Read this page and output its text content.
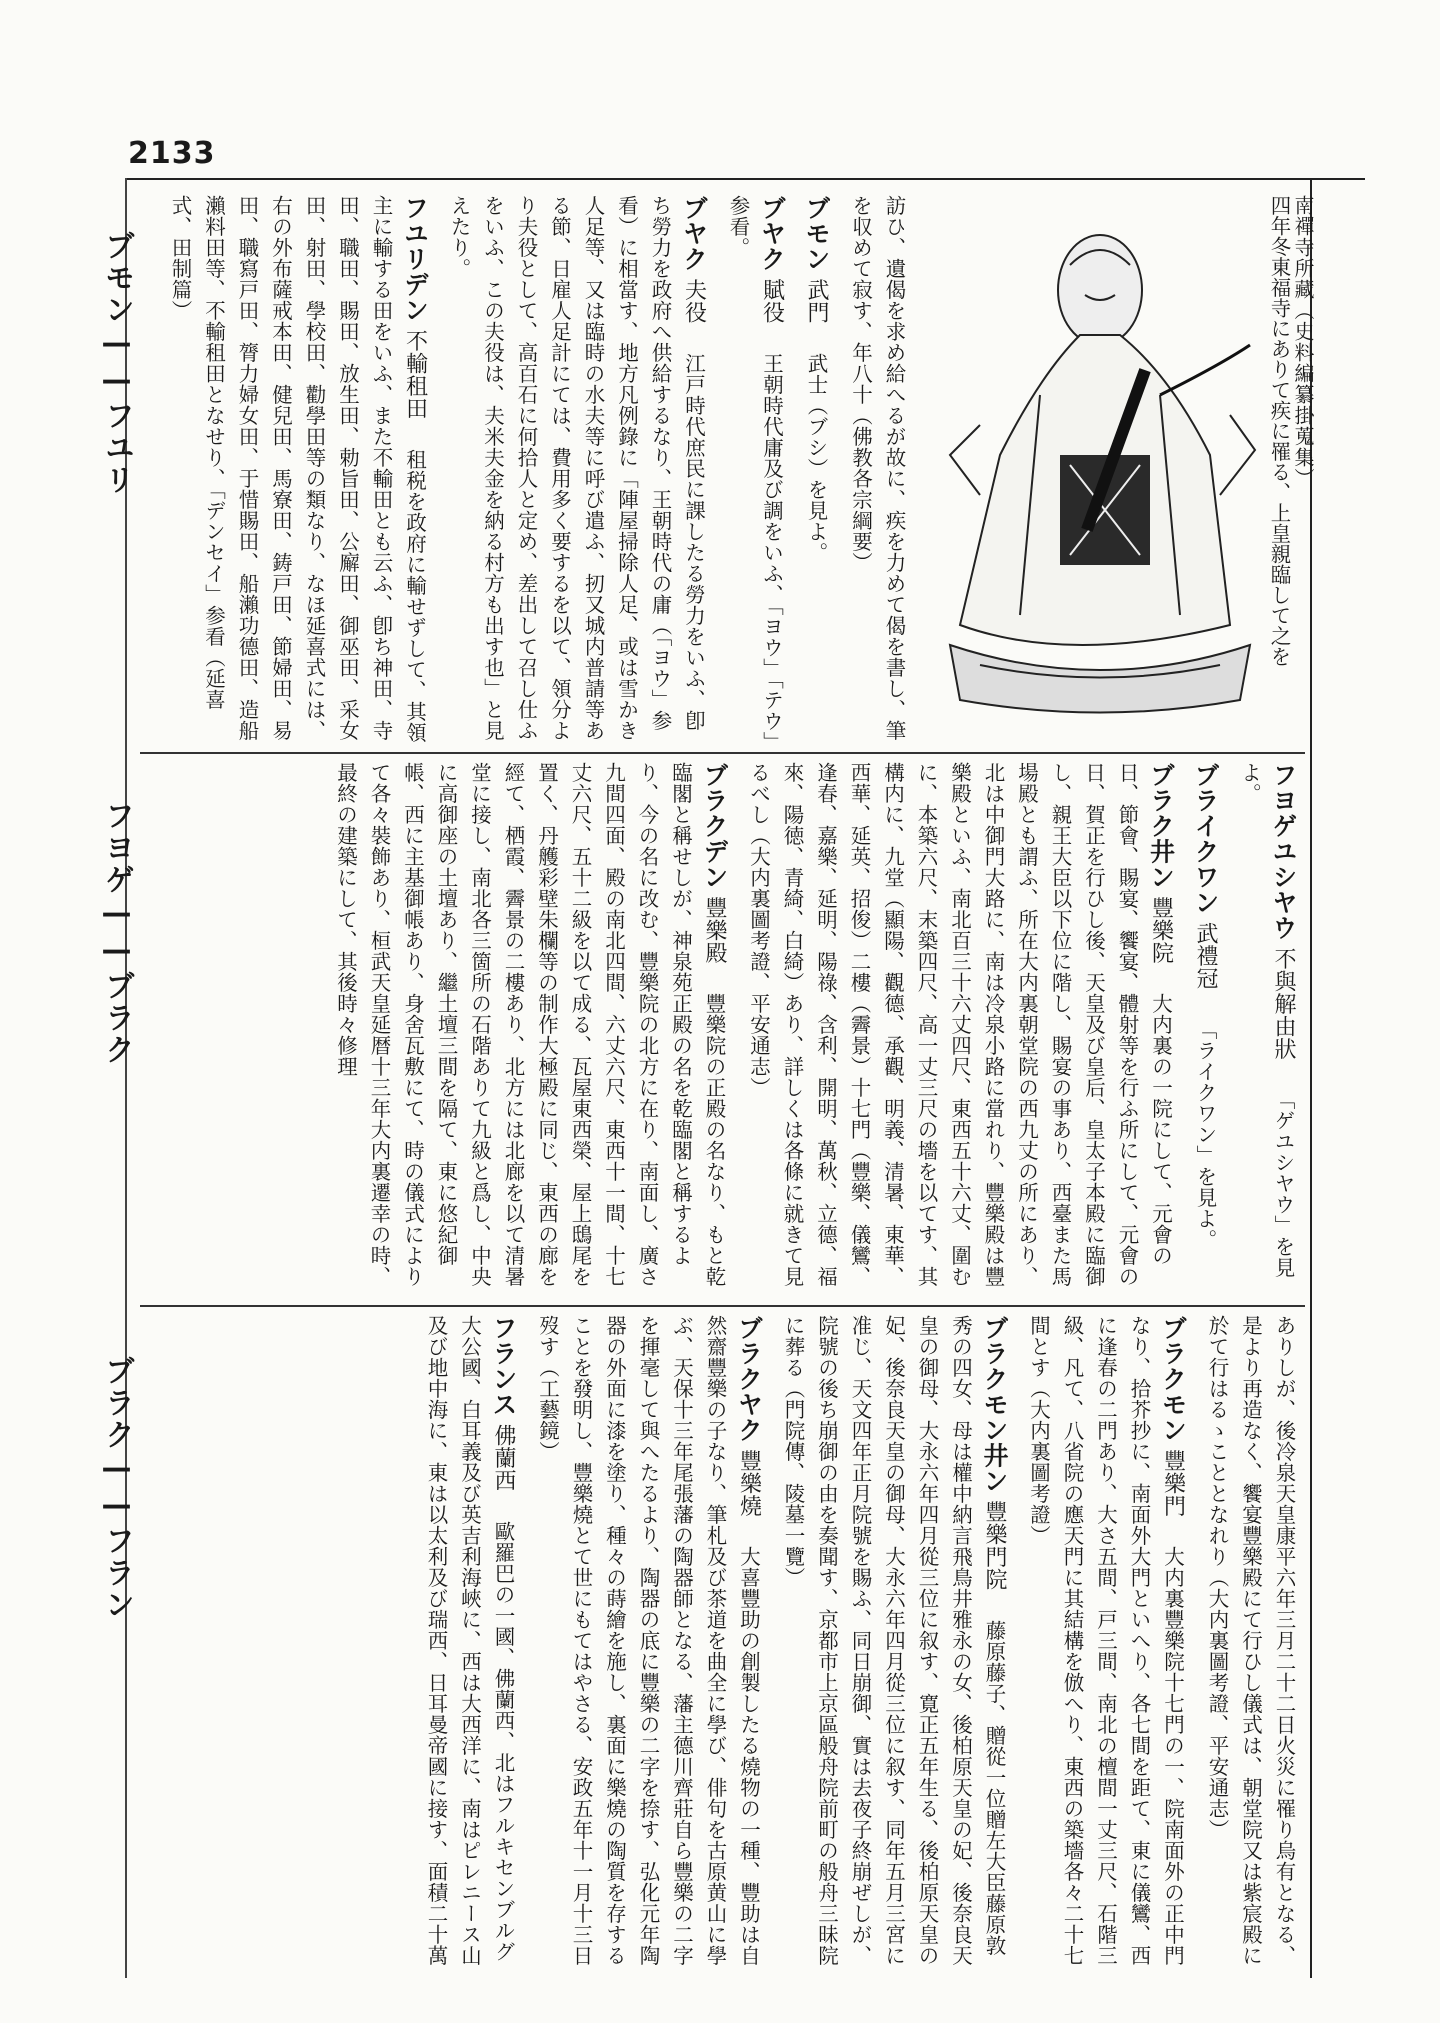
2133
ブモン——フユリ
フヨゲ——ブラク
ブラク——フラン

訪ひ、遺偈を求め給へるが故に、疾を力めて偈を書し、筆を収めて寂す、年八十（佛教各宗綱要）

ブモン 武門 武士（ブシ）を見よ。

ブヤク 賦役 王朝時代庸及び調をいふ、「ヨウ」「テウ」参看。

ブヤク 夫役 江戸時代庶民に課したる勞力をいふ、卽ち勞力を政府へ供給するなり、王朝時代の庸（「ヨウ」参看）に相當す、地方凡例錄に「陣屋掃除人足、或は雪かき人足等、又は臨時の水夫等に呼び遣ふ、扨又城内普請等ある節、日雇人足計にては、費用多く要するを以て、領分より夫役として、高百石に何拾人と定め、差出して召し仕ふをいふ、この夫役は、夫米夫金を納る村方も出す也」と見えたり。

フユリデン 不輸租田 租税を政府に輸せずして、其領主に輸する田をいふ、また不輸田とも云ふ、卽ち神田、寺田、職田、賜田、放生田、勅旨田、公廨田、御巫田、采女田、射田、學校田、勸學田等の類なり、なほ延喜式には、右の外布薩戒本田、健兒田、馬寮田、鋳戸田、節婦田、易田、職寫戸田、膂力婦女田、于惜賜田、船瀨功德田、造船瀨料田等、不輸租田となせり、「デンセイ」参看（延喜式、田制篇）	南禪寺所藏（史料編纂掛蒐集）
四年冬東福寺にありて疾に罹る、上皇親臨して之を

フヨゲユシヤウ 不與解由狀 「ゲユシヤウ」を見よ。

ブライクワン 武禮冠 「ライクワン」を見よ。

ブラク井ン 豐樂院 大内裏の一院にして、元會の日、節會、賜宴、饗宴、體射等を行ふ所にして、元會の日、賀正を行ひし後、天皇及び皇后、皇太子本殿に臨御し、親王大臣以下位に階し、賜宴の事あり、西臺また馬場殿とも謂ふ、所在大内裏朝堂院の西九丈の所にあり、北は中御門大路に、南は冷泉小路に當れり、豐樂殿は豐樂殿といふ、南北百三十六丈四尺、東西五十六丈、圍むに、本築六尺、末築四尺、高一丈三尺の墻を以てす、其構内に、九堂（顯陽、觀德、承觀、明義、清暑、東華、西華、延英、招俊）二樓（霽景）十七門（豐樂、儀鸞、逢春、嘉樂、延明、陽祿、含利、開明、萬秋、立德、福來、陽徳、青綺、白綺）あり、詳しくは各條に就きて見るべし（大内裏圖考證、平安通志）

ブラクデン 豐樂殿 豐樂院の正殿の名なり、もと乾臨閣と稱せしが、神泉苑正殿の名を乾臨閣と稱するより、今の名に改む、豐樂院の北方に在り、南面し、廣さ九間四面、殿の南北四間、六丈六尺、東西十一間、十七丈六尺、五十二級を以て成る、瓦屋東西榮、屋上鴟尾を置く、丹艧彩壁朱欄等の制作大極殿に同じ、東西の廊を經て、栖霞、霽景の二樓あり、北方には北廊を以て清暑堂に接し、南北各三箇所の石階ありて九級と爲し、中央に高御座の土壇あり、繼土壇三間を隔て、東に悠紀御帳、西に主基御帳あり、身舍瓦敷にて、時の儀式によりて各々裝飾あり、桓武天皇延暦十三年大内裏遷幸の時、最終の建築にして、其後時々修理

ありしが、後冷泉天皇康平六年三月二十二日火災に罹り烏有となる、是より再造なく、饗宴豐樂殿にて行ひし儀式は、朝堂院又は紫宸殿に於て行はるゝこととなれり（大内裏圖考證、平安通志）

ブラクモン 豐樂門 大内裏豐樂院十七門の一、院南面外の正中門なり、拾芥抄に、南面外大門といへり、各七間を距て、東に儀鸞、西に逢春の二門あり、大さ五間、戸三間、南北の檀間一丈三尺、石階三級、凡て、八省院の應天門に其結構を倣へり、東西の築墻各々二十七間とす（大内裏圖考證）

ブラクモン井ン 豐樂門院 藤原藤子、贈從一位贈左大臣藤原敦秀の四女、母は權中納言飛鳥井雅永の女、後柏原天皇の妃、後奈良天皇の御母、大永六年四月從三位に叙す、寛正五年生る、後柏原天皇の妃、後奈良天皇の御母、大永六年四月從三位に叙す、同年五月三宮に准じ、天文四年正月院號を賜ふ、同日崩御、實は去夜子終崩ぜしが、院號の後ち崩御の由を奏聞す、京都市上京區般舟院前町の般舟三昧院に葬る（門院傳、陵墓一覽）

ブラクヤク 豐樂燒 大喜豐助の創製したる燒物の一種、豐助は自然齋豐樂の子なり、筆札及び茶道を曲全に學び、俳句を古原黄山に學ぶ、天保十三年尾張藩の陶器師となる、藩主德川齊莊自ら豐樂の二字を揮毫して與へたるより、陶器の底に豐樂の二字を捺す、弘化元年陶器の外面に漆を塗り、種々の蒔繪を施し、裏面に樂燒の陶質を存することを發明し、豐樂燒とて世にもてはやさる、安政五年十一月十三日歿す（工藝鏡）

フランス 佛蘭西 歐羅巴の一國、佛蘭西、北はフルキセンブルグ大公國、白耳義及び英吉利海峽に、西は大西洋に、南はピレニース山及び地中海に、東は以太利及び瑞西、日耳曼帝國に接す、面積二十萬
